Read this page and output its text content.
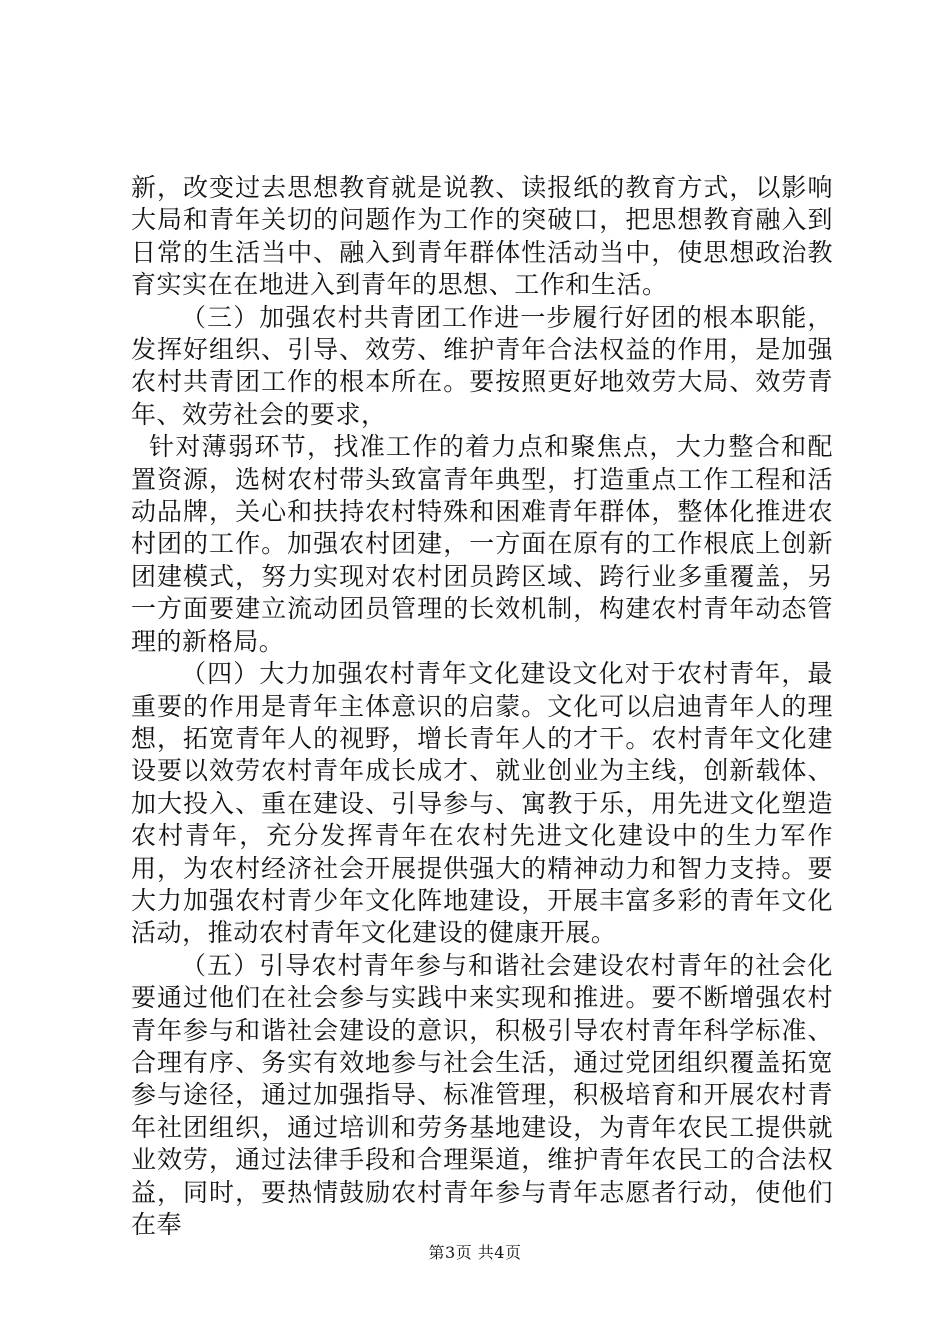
新，改变过去思想教育就是说教、读报纸的教育方式，以影响大局和青年关切的问题作为工作的突破口，把思想教育融入到日常的生活当中、融入到青年群体性活动当中，使思想政治教育实实在在地进入到青年的思想、工作和生活。

（三）加强农村共青团工作进一步履行好团的根本职能，发挥好组织、引导、效劳、维护青年合法权益的作用，是加强农村共青团工作的根本所在。要按照更好地效劳大局、效劳青年、效劳社会的要求，

针对薄弱环节，找准工作的着力点和聚焦点，大力整合和配置资源，选树农村带头致富青年典型，打造重点工作工程和活动品牌，关心和扶持农村特殊和困难青年群体，整体化推进农村团的工作。加强农村团建，一方面在原有的工作根底上创新团建模式，努力实现对农村团员跨区域、跨行业多重覆盖，另一方面要建立流动团员管理的长效机制，构建农村青年动态管理的新格局。

（四）大力加强农村青年文化建设文化对于农村青年，最重要的作用是青年主体意识的启蒙。文化可以启迪青年人的理想，拓宽青年人的视野，增长青年人的才干。农村青年文化建设要以效劳农村青年成长成才、就业创业为主线，创新载体、加大投入、重在建设、引导参与、寓教于乐，用先进文化塑造农村青年，充分发挥青年在农村先进文化建设中的生力军作用，为农村经济社会开展提供强大的精神动力和智力支持。要大力加强农村青少年文化阵地建设，开展丰富多彩的青年文化活动，推动农村青年文化建设的健康开展。

（五）引导农村青年参与和谐社会建设农村青年的社会化要通过他们在社会参与实践中来实现和推进。要不断增强农村青年参与和谐社会建设的意识，积极引导农村青年科学标准、合理有序、务实有效地参与社会生活，通过党团组织覆盖拓宽参与途径，通过加强指导、标准管理，积极培育和开展农村青年社团组织，通过培训和劳务基地建设，为青年农民工提供就业效劳，通过法律手段和合理渠道，维护青年农民工的合法权益，同时，要热情鼓励农村青年参与青年志愿者行动，使他们在奉

第3页 共4页
